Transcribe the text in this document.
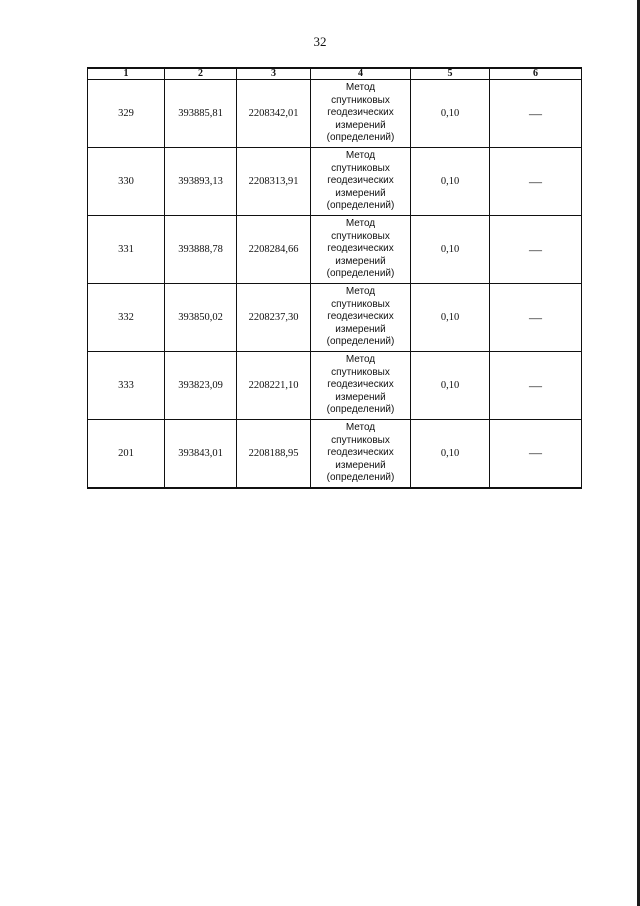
32
1	2	3	4	5	6
329	393885,81	2208342,01	Метод
спутниковых
геодезических
измерений
(определений)	0,10	—
330	393893,13	2208313,91	Метод
спутниковых
геодезических
измерений
(определений)	0,10	—
331	393888,78	2208284,66	Метод
спутниковых
геодезических
измерений
(определений)	0,10	—
332	393850,02	2208237,30	Метод
спутниковых
геодезических
измерений
(определений)	0,10	—
333	393823,09	2208221,10	Метод
спутниковых
геодезических
измерений
(определений)	0,10	—
201	393843,01	2208188,95	Метод
спутниковых
геодезических
измерений
(определений)	0,10	—
